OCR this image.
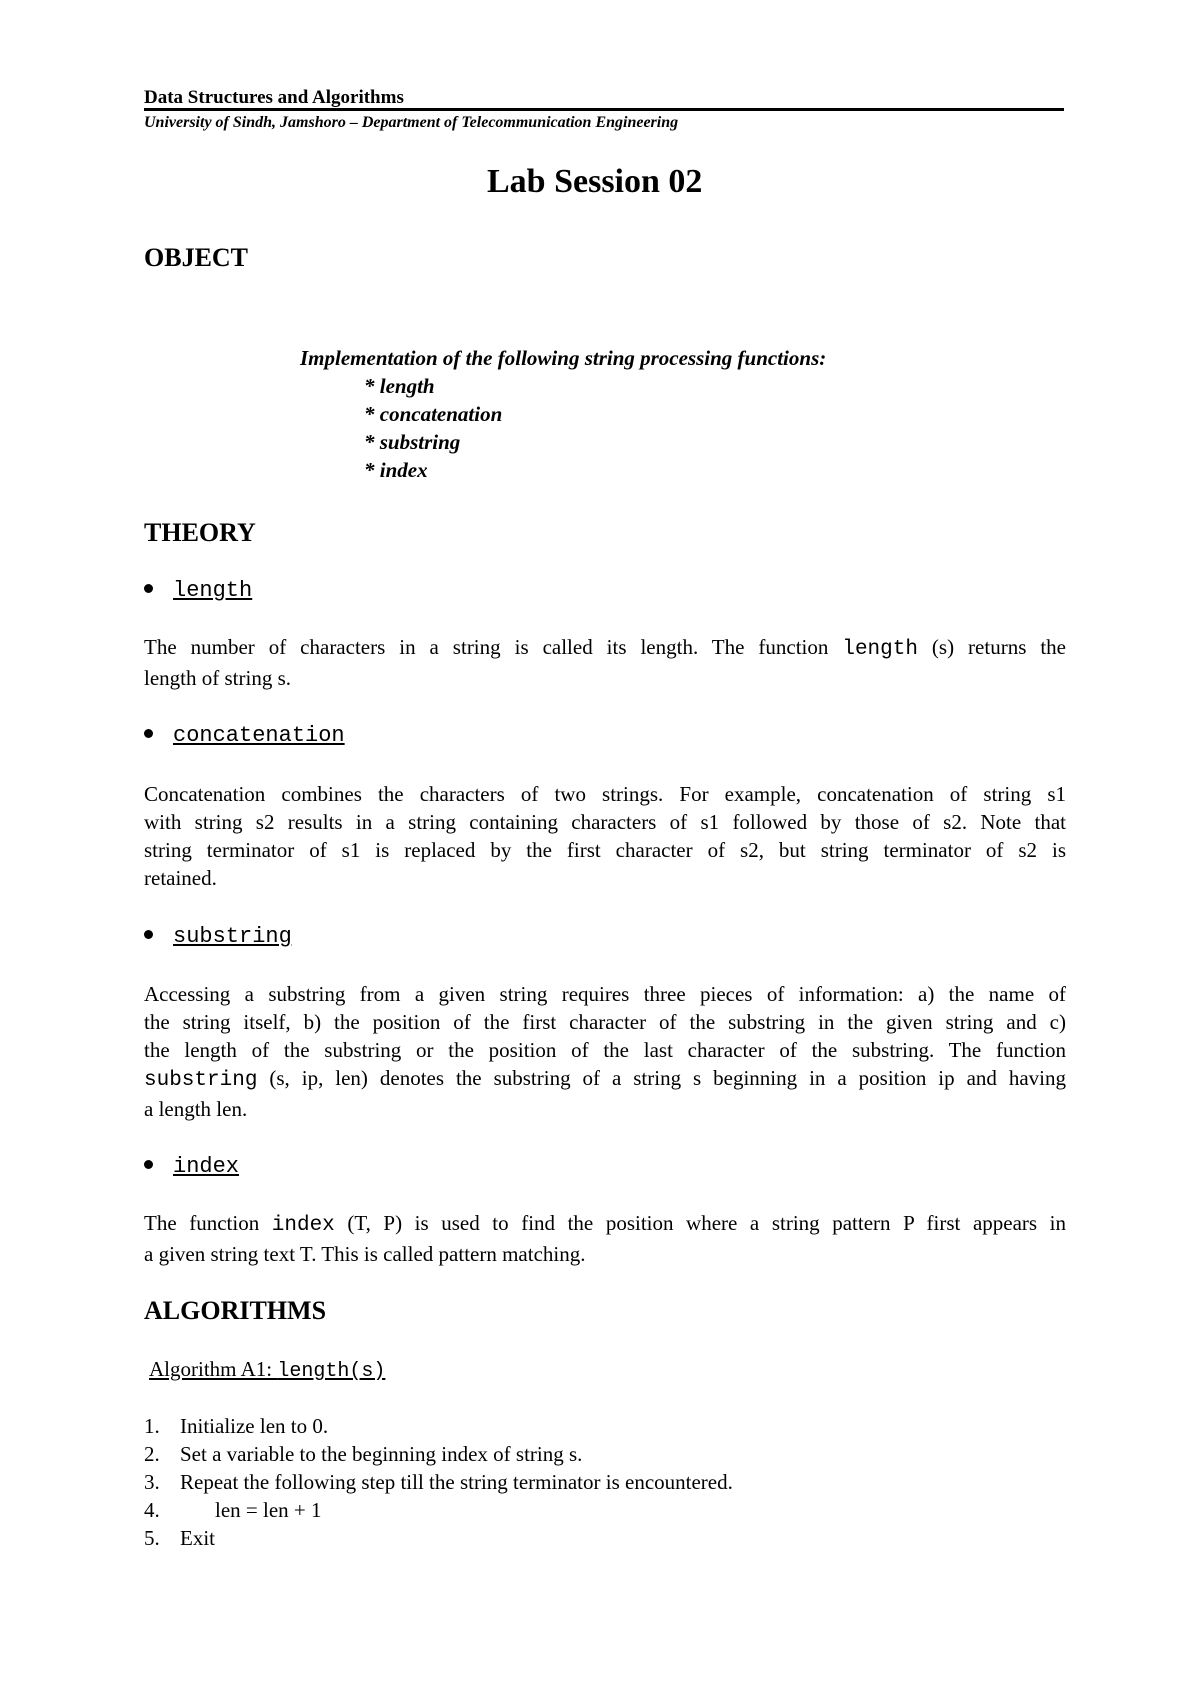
Data Structures and Algorithms
University of Sindh, Jamshoro – Department of Telecommunication Engineering
Lab Session 02
OBJECT
Implementation of the following string processing functions:
* length
* concatenation
* substring
* index
THEORY
length
The number of characters in a string is called its length. The function length (s) returns the
length of string s.
concatenation
Concatenation combines the characters of two strings. For example, concatenation of string s1
with string s2 results in a string containing characters of s1 followed by those of s2. Note that
string terminator of s1 is replaced by the first character of s2, but string terminator of s2 is
retained.
substring
Accessing a substring from a given string requires three pieces of information: a) the name of
the string itself, b) the position of the first character of the substring in the given string and c)
the length of the substring or the position of the last character of the substring. The function
substring (s, ip, len) denotes the substring of a string s beginning in a position ip and having
a length len.
index
The function index (T, P) is used to find the position where a string pattern P first appears in
a given string text T. This is called pattern matching.
ALGORITHMS
Algorithm A1: length(s)
1. Initialize len to 0.
2. Set a variable to the beginning index of string s.
3. Repeat the following step till the string terminator is encountered.
4.	len = len + 1
5. Exit
